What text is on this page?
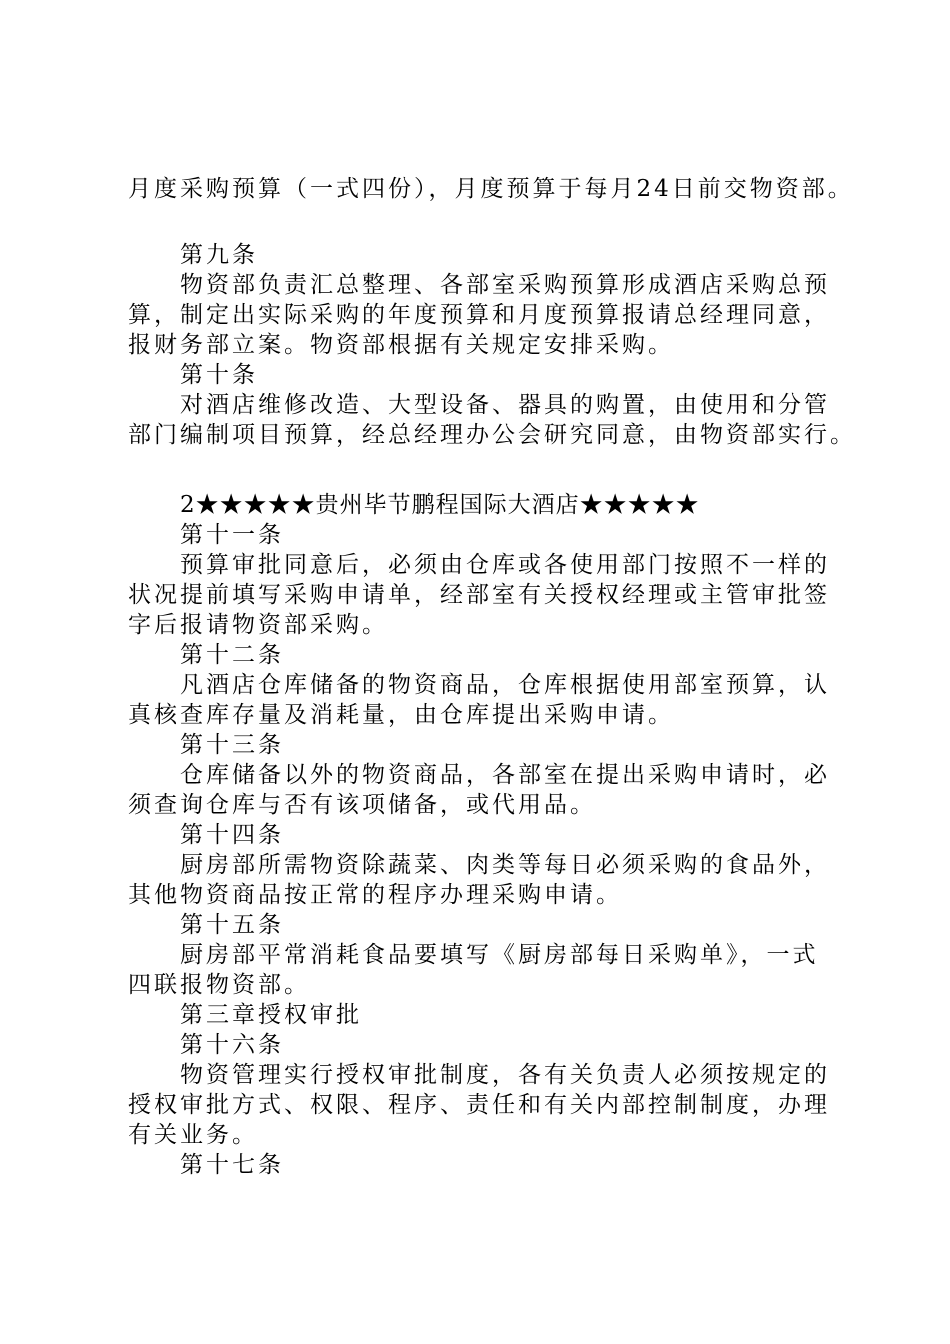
月度采购预算（一式四份），月度预算于每月24日前交物资部。
第九条
物资部负责汇总整理、各部室采购预算形成酒店采购总预
算，制定出实际采购的年度预算和月度预算报请总经理同意，
报财务部立案。物资部根据有关规定安排采购。
第十条
对酒店维修改造、大型设备、器具的购置，由使用和分管
部门编制项目预算，经总经理办公会研究同意，由物资部实行。
2★★★★★贵州毕节鹏程国际大酒店★★★★★
第十一条
预算审批同意后，必须由仓库或各使用部门按照不一样的
状况提前填写采购申请单，经部室有关授权经理或主管审批签
字后报请物资部采购。
第十二条
凡酒店仓库储备的物资商品，仓库根据使用部室预算，认
真核查库存量及消耗量，由仓库提出采购申请。
第十三条
仓库储备以外的物资商品，各部室在提出采购申请时，必
须查询仓库与否有该项储备，或代用品。
第十四条
厨房部所需物资除蔬菜、肉类等每日必须采购的食品外，
其他物资商品按正常的程序办理采购申请。
第十五条
厨房部平常消耗食品要填写《厨房部每日采购单》，一式
四联报物资部。
第三章授权审批
第十六条
物资管理实行授权审批制度，各有关负责人必须按规定的
授权审批方式、权限、程序、责任和有关内部控制制度，办理
有关业务。
第十七条
